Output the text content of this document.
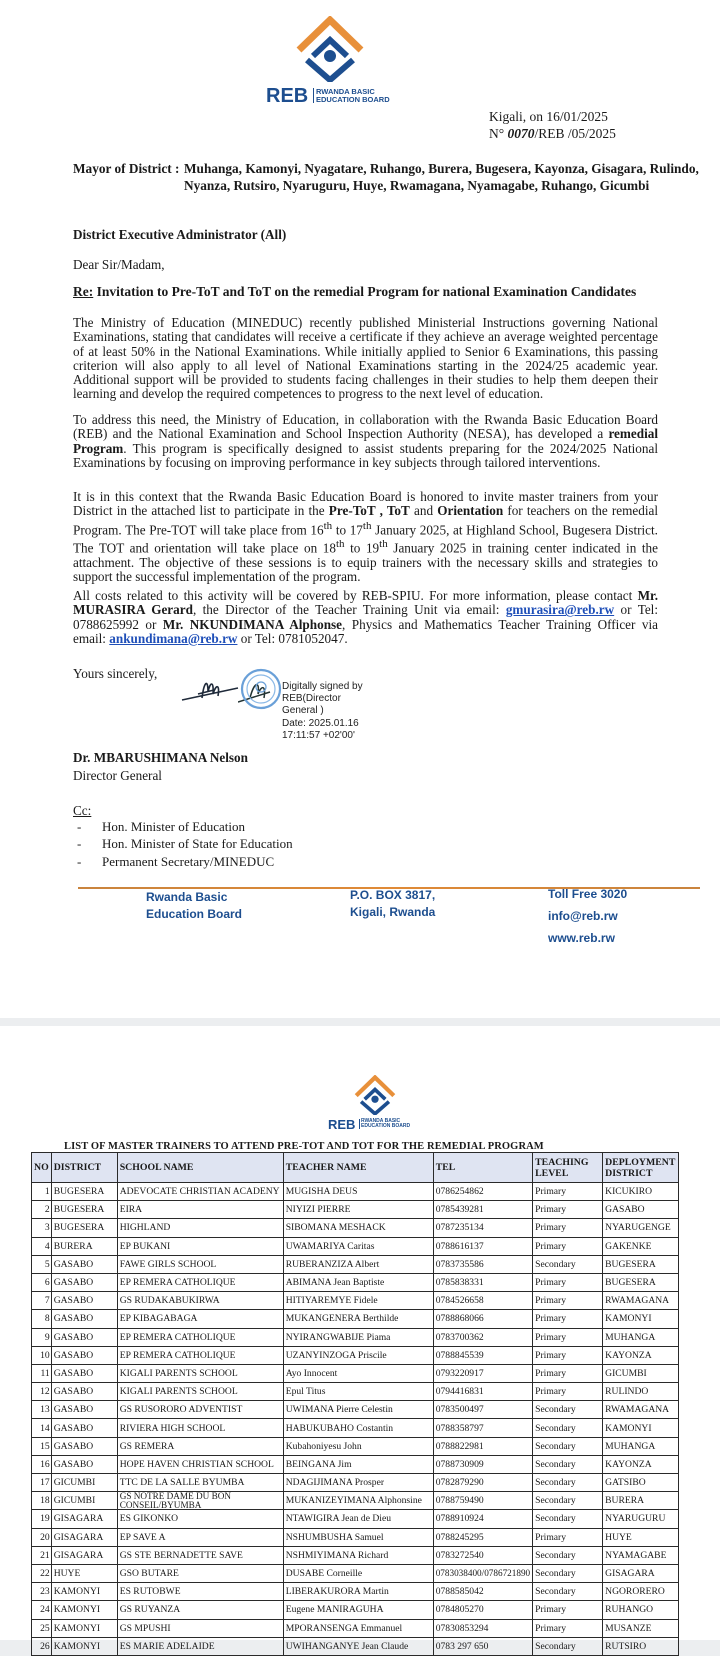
REB RWANDA BASIC
EDUCATION BOARD
Kigali, on 16/01/2025
N° 0070/REB /05/2025
Mayor of District : Muhanga, Kamonyi, Nyagatare, Ruhango, Burera, Bugesera, Kayonza, Gisagara, Rulindo, Nyanza, Rutsiro, Nyaruguru, Huye, Rwamagana, Nyamagabe, Ruhango, Gicumbi
District Executive Administrator (All)
Dear Sir/Madam,
Re: Invitation to Pre-ToT and ToT on the remedial Program for national Examination Candidates
The Ministry of Education (MINEDUC) recently published Ministerial Instructions governing National Examinations, stating that candidates will receive a certificate if they achieve an average weighted percentage of at least 50% in the National Examinations. While initially applied to Senior 6 Examinations, this passing criterion will also apply to all level of National Examinations starting in the 2024/25 academic year. Additional support will be provided to students facing challenges in their studies to help them deepen their learning and develop the required competences to progress to the next level of education.
To address this need, the Ministry of Education, in collaboration with the Rwanda Basic Education Board (REB) and the National Examination and School Inspection Authority (NESA), has developed a remedial Program. This program is specifically designed to assist students preparing for the 2024/2025 National Examinations by focusing on improving performance in key subjects through tailored interventions.
It is in this context that the Rwanda Basic Education Board is honored to invite master trainers from your District in the attached list to participate in the Pre-ToT , ToT and Orientation for teachers on the remedial Program. The Pre-TOT will take place from 16th to 17th January 2025, at Highland School, Bugesera District. The TOT and orientation will take place on 18th to 19th January 2025 in training center indicated in the attachment. The objective of these sessions is to equip trainers with the necessary skills and strategies to support the successful implementation of the program.
All costs related to this activity will be covered by REB-SPIU. For more information, please contact Mr. MURASIRA Gerard, the Director of the Teacher Training Unit via email: gmurasira@reb.rw or Tel: 0788625992 or Mr. NKUNDIMANA Alphonse, Physics and Mathematics Teacher Training Officer via email: ankundimana@reb.rw or Tel: 0781052047.
Yours sincerely,
Digitally signed by
REB(Director
General )
Date: 2025.01.16
17:11:57 +02'00'
Dr. MBARUSHIMANA Nelson
Director General
Cc:
- Hon. Minister of Education
- Hon. Minister of State for Education
- Permanent Secretary/MINEDUC
Rwanda Basic
Education Board
P.O. BOX 3817,
Kigali, Rwanda
Toll Free 3020
info@reb.rw
www.reb.rw
REB RWANDA BASIC
EDUCATION BOARD
LIST OF MASTER TRAINERS TO ATTEND PRE-TOT AND TOT FOR THE REMEDIAL PROGRAM
NO	DISTRICT	SCHOOL NAME	TEACHER NAME	TEL	TEACHING LEVEL	DEPLOYMENT DISTRICT
1	BUGESERA	ADEVOCATE CHRISTIAN ACADENY	MUGISHA DEUS	0786254862	Primary	KICUKIRO
2	BUGESERA	EIRA	NIYIZI PIERRE	0785439281	Primary	GASABO
3	BUGESERA	HIGHLAND	SIBOMANA MESHACK	0787235134	Primary	NYARUGENGE
4	BURERA	EP BUKANI	UWAMARIYA Caritas	0788616137	Primary	GAKENKE
5	GASABO	FAWE GIRLS SCHOOL	RUBERANZIZA Albert	0783735586	Secondary	BUGESERA
6	GASABO	EP REMERA CATHOLIQUE	ABIMANA Jean Baptiste	0785838331	Primary	BUGESERA
7	GASABO	GS RUDAKABUKIRWA	HITIYAREMYE Fidele	0784526658	Primary	RWAMAGANA
8	GASABO	EP KIBAGABAGA	MUKANGENERA Berthilde	0788868066	Primary	KAMONYI
9	GASABO	EP REMERA CATHOLIQUE	NYIRANGWABIJE Piama	0783700362	Primary	MUHANGA
10	GASABO	EP REMERA CATHOLIQUE	UZANYINZOGA Priscile	0788845539	Primary	KAYONZA
11	GASABO	KIGALI PARENTS SCHOOL	Ayo Innocent	0793220917	Primary	GICUMBI
12	GASABO	KIGALI PARENTS SCHOOL	Epul Titus	0794416831	Primary	RULINDO
13	GASABO	GS RUSORORO ADVENTIST	UWIMANA Pierre Celestin	0783500497	Secondary	RWAMAGANA
14	GASABO	RIVIERA HIGH SCHOOL	HABUKUBAHO Costantin	0788358797	Secondary	KAMONYI
15	GASABO	GS REMERA	Kubahoniyesu John	0788822981	Secondary	MUHANGA
16	GASABO	HOPE HAVEN CHRISTIAN SCHOOL	BEINGANA Jim	0788730909	Secondary	KAYONZA
17	GICUMBI	TTC DE LA SALLE BYUMBA	NDAGIJIMANA Prosper	0782879290	Secondary	GATSIBO
18	GICUMBI	GS NOTRE DAME DU BON CONSEIL/BYUMBA	MUKANIZEYIMANA Alphonsine	0788759490	Secondary	BURERA
19	GISAGARA	ES GIKONKO	NTAWIGIRA Jean de Dieu	0788910924	Secondary	NYARUGURU
20	GISAGARA	EP SAVE A	NSHUMBUSHA Samuel	0788245295	Primary	HUYE
21	GISAGARA	GS STE BERNADETTE SAVE	NSHMIYIMANA Richard	0783272540	Secondary	NYAMAGABE
22	HUYE	GSO BUTARE	DUSABE Corneille	0783038400/0786721890	Secondary	GISAGARA
23	KAMONYI	ES RUTOBWE	LIBERAKURORA Martin	0788585042	Secondary	NGORORERO
24	KAMONYI	GS RUYANZA	Eugene MANIRAGUHA	0784805270	Primary	RUHANGO
25	KAMONYI	GS MPUSHI	MPORANSENGA Emmanuel	07830853294	Primary	MUSANZE
26	KAMONYI	ES MARIE ADELAIDE	UWIHANGANYE Jean Claude	0783 297 650	Secondary	RUTSIRO
